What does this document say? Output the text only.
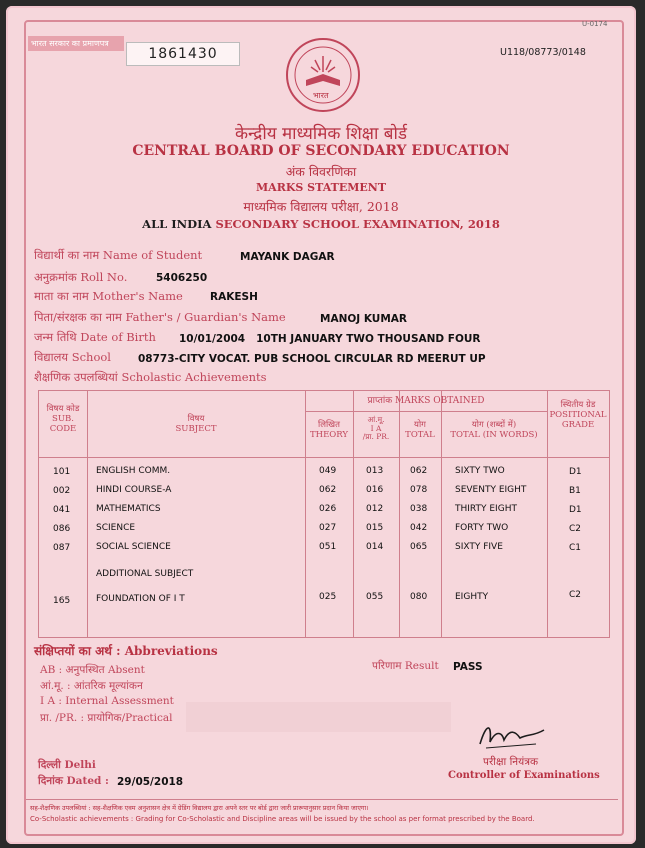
भारत सरकार का प्रमाणपत्र
1861430
U-0174
U118/08773/0148
भारत
केन्द्रीय माध्यमिक शिक्षा बोर्ड
CENTRAL BOARD OF SECONDARY EDUCATION
अंक विवरणिका
MARKS STATEMENT
माध्यमिक विद्यालय परीक्षा, 2018
ALL INDIA SECONDARY SCHOOL EXAMINATION, 2018
विद्यार्थी का नाम Name of Student	MAYANK DAGAR
अनुक्रमांक Roll No.	5406250
माता का नाम Mother's Name	RAKESH
पिता/संरक्षक का नाम Father's / Guardian's Name	MANOJ KUMAR
जन्म तिथि Date of Birth 10/01/2004   10TH JANUARY TWO THOUSAND FOUR
विद्यालय School	08773-CITY VOCAT. PUB SCHOOL CIRCULAR RD MEERUT UP
शैक्षणिक उपलब्धियां Scholastic Achievements
विषय कोड
SUB.
CODE
विषय
SUBJECT
प्राप्तांक MARKS OBTAINED
लिखित
THEORY
आं.मू.
I A
/प्रा. PR.
योग
TOTAL
योग (शब्दों में)
TOTAL (IN WORDS)
स्थितीय ग्रेड
POSITIONAL
GRADE
101	ENGLISH COMM.	049	013	062	SIXTY TWO	D1
002	HINDI COURSE-A	062	016	078	SEVENTY EIGHT	B1
041	MATHEMATICS	026	012	038	THIRTY EIGHT	D1
086	SCIENCE	027	015	042	FORTY TWO	C2
087	SOCIAL SCIENCE	051	014	065	SIXTY FIVE	C1
ADDITIONAL SUBJECT
165	FOUNDATION OF I T	025	055	080	EIGHTY	C2
संक्षिप्तयों का अर्थ : Abbreviations
AB : अनुपस्थित Absent
आं.मू. : आंतरिक मूल्यांकन
I A : Internal Assessment
प्रा. /PR. : प्रायोगिक/Practical
परिणाम Result PASS
परीक्षा नियंत्रक
Controller of Examinations
दिल्ली Delhi
दिनांक Dated : 29/05/2018
सह-शैक्षणिक उपलब्धियां : सह-शैक्षणिक एवम अनुशासन क्षेत्र में ग्रेडिंग विद्यालय द्वारा अपने स्तर पर बोर्ड द्वारा जारी प्रारूपानुसार प्रदान किया जाएगा।
Co-Scholastic achievements : Grading for Co-Scholastic and Discipline areas will be issued by the school as per format prescribed by the Board.
